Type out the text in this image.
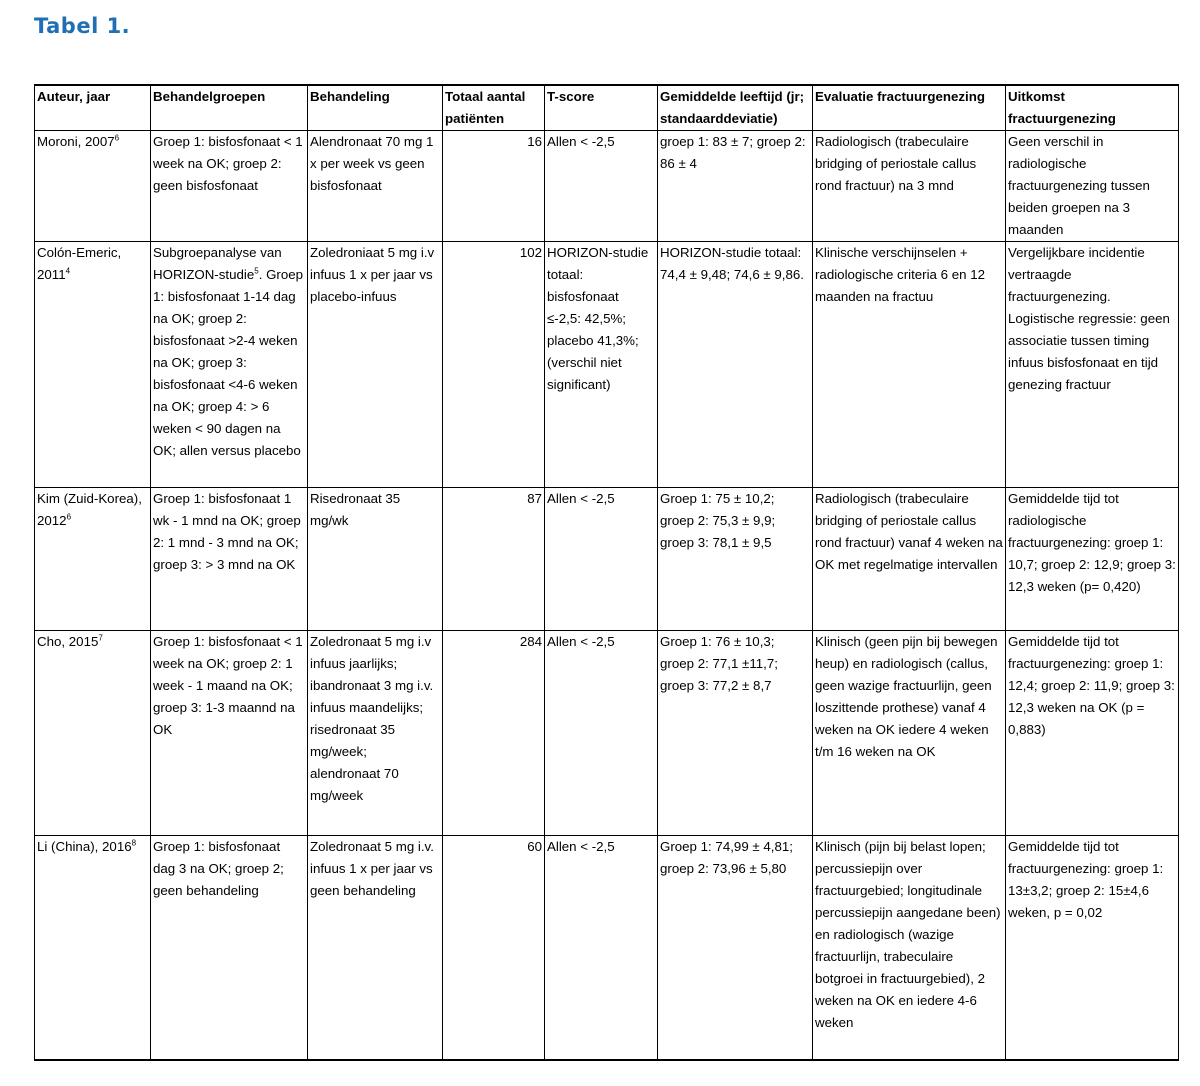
Tabel 1.
Auteur, jaar	Behandelgroepen	Behandeling	Totaal aantal patiënten	T-score	Gemiddelde leeftijd (jr; standaarddeviatie)	Evaluatie fractuurgenezing	Uitkomst fractuurgenezing
Moroni, 2007$^6$	Groep 1: bisfosfonaat < 1 week na OK; groep 2: geen bisfosfonaat	Alendronaat 70 mg 1 x per week vs geen bisfosfonaat	16	Allen < -2,5	groep 1: 83 ± 7; groep 2: 86 ± 4	Radiologisch (trabeculaire bridging of periostale callus rond fractuur) na 3 mnd	Geen verschil in radiologische fractuurgenezing tussen beiden groepen na 3 maanden
Colón-Emeric, 2011$^4$	Subgroepanalyse van HORIZON-studie$^5$. Groep 1: bisfosfonaat 1-14 dag na OK; groep 2: bisfosfonaat >2-4 weken na OK; groep 3: bisfosfonaat <4-6 weken na OK; groep 4: > 6 weken < 90 dagen na OK; allen versus placebo	Zoledroniaat 5 mg i.v infuus 1 x per jaar vs placebo-infuus	102	HORIZON-studie totaal: bisfosfonaat ≤-2,5: 42,5%; placebo 41,3%; (verschil niet significant)	HORIZON-studie totaal: 74,4 ± 9,48; 74,6 ± 9,86.	Klinische verschijnselen + radiologische criteria 6 en 12 maanden na fractuu	Vergelijkbare incidentie vertraagde fractuurgenezing. Logistische regressie: geen associatie tussen timing infuus bisfosfonaat en tijd genezing fractuur
Kim (Zuid-Korea), 2012$^6$	Groep 1: bisfosfonaat 1 wk - 1 mnd na OK; groep 2: 1 mnd - 3 mnd na OK; groep 3: > 3 mnd na OK	Risedronaat 35 mg/wk	87	Allen < -2,5	Groep 1: 75 ± 10,2; groep 2: 75,3 ± 9,9; groep 3: 78,1 ± 9,5	Radiologisch (trabeculaire bridging of periostale callus rond fractuur) vanaf 4 weken na OK met regelmatige intervallen	Gemiddelde tijd tot radiologische fractuurgenezing: groep 1: 10,7; groep 2: 12,9; groep 3: 12,3 weken (p= 0,420)
Cho, 2015$^7$	Groep 1: bisfosfonaat < 1 week na OK; groep 2: 1 week - 1 maand na OK; groep 3: 1-3 maannd na OK	Zoledronaat 5 mg i.v infuus jaarlijks; ibandronaat 3 mg i.v. infuus maandelijks; risedronaat 35 mg/week; alendronaat 70 mg/week	284	Allen < -2,5	Groep 1: 76 ± 10,3; groep 2: 77,1 ±11,7; groep 3: 77,2 ± 8,7	Klinisch (geen pijn bij bewegen heup) en radiologisch (callus, geen wazige fractuurlijn, geen loszittende prothese) vanaf 4 weken na OK iedere 4 weken t/m 16 weken na OK	Gemiddelde tijd tot fractuurgenezing: groep 1: 12,4; groep 2: 11,9; groep 3: 12,3 weken na OK (p = 0,883)
Li (China), 2016$^8$	Groep 1: bisfosfonaat dag 3 na OK; groep 2; geen behandeling	Zoledronaat 5 mg i.v. infuus 1 x per jaar vs geen behandeling	60	Allen < -2,5	Groep 1: 74,99 ± 4,81; groep 2: 73,96 ± 5,80	Klinisch (pijn bij belast lopen; percussiepijn over fractuurgebied; longitudinale percussiepijn aangedane been) en radiologisch (wazige fractuurlijn, trabeculaire botgroei in fractuurgebied), 2 weken na OK en iedere 4-6 weken	Gemiddelde tijd tot fractuurgenezing: groep 1: 13±3,2; groep 2: 15±4,6 weken, p = 0,02
